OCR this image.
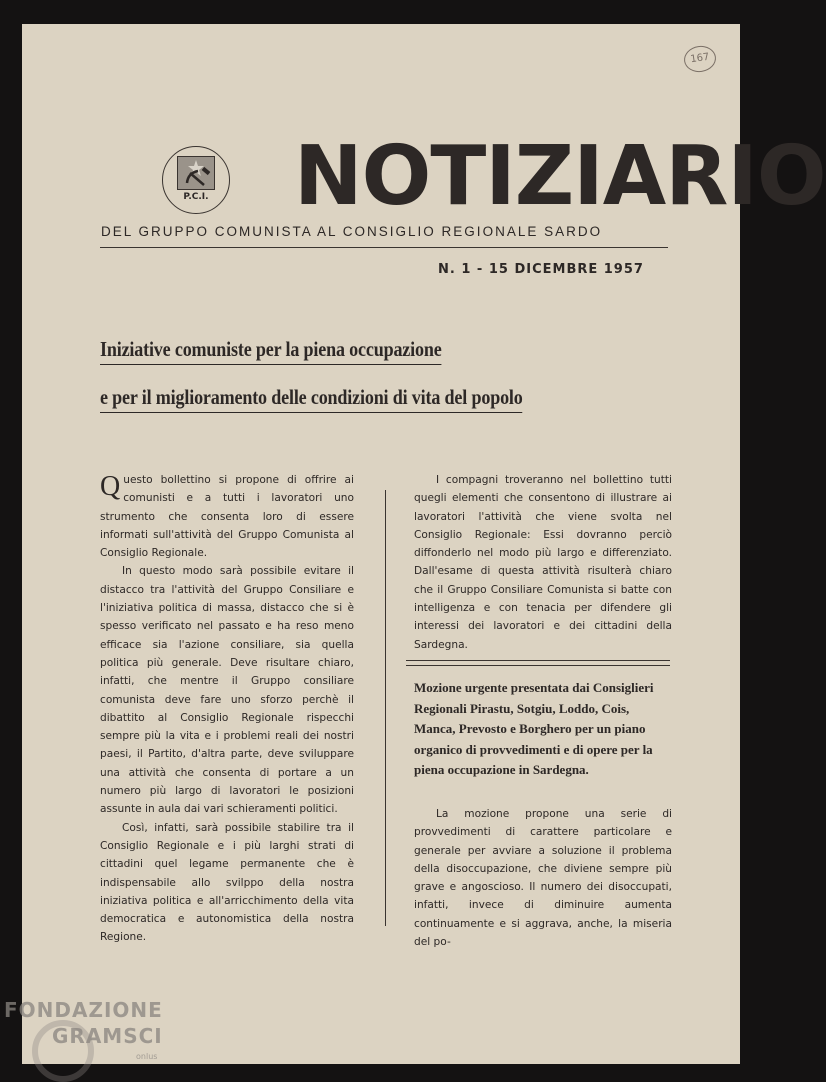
167
P.C.I. NOTIZIARIO
DEL GRUPPO COMUNISTA AL CONSIGLIO REGIONALE SARDO
N. 1 - 15 DICEMBRE 1957
Iniziative comuniste per la piena occupazione
e per il miglioramento delle condizioni di vita del popolo

Questo bollettino si propone di offrire ai comunisti e a tutti i lavoratori uno strumento che consenta loro di essere informati sull'attività del Gruppo Comunista al Consiglio Regionale.

In questo modo sarà possibile evitare il distacco tra l'attività del Gruppo Consiliare e l'iniziativa politica di massa, distacco che si è spesso verificato nel passato e ha reso meno efficace sia l'azione consiliare, sia quella politica più generale. Deve risultare chiaro, infatti, che mentre il Gruppo consiliare comunista deve fare uno sforzo perchè il dibattito al Consiglio Regionale rispecchi sempre più la vita e i problemi reali dei nostri paesi, il Partito, d'altra parte, deve sviluppare una attività che consenta di portare a un numero più largo di lavoratori le posizioni assunte in aula dai vari schieramenti politici.

Così, infatti, sarà possibile stabilire tra il Consiglio Regionale e i più larghi strati di cittadini quel legame permanente che è indispensabile allo svilppo della nostra iniziativa politica e all'arricchimento della vita democratica e autonomistica della nostra Regione.

I compagni troveranno nel bollettino tutti quegli elementi che consentono di illustrare ai lavoratori l'attività che viene svolta nel Consiglio Regionale: Essi dovranno perciò diffonderlo nel modo più largo e differenziato. Dall'esame di questa attività risulterà chiaro che il Gruppo Consiliare Comunista si batte con intelligenza e con tenacia per difendere gli interessi dei lavoratori e dei cittadini della Sardegna.

Mozione urgente presentata dai Consiglieri Regionali Pirastu, Sotgiu, Loddo, Cois, Manca, Prevosto e Borghero per un piano organico di provvedimenti e di opere per la piena occupazione in Sardegna.

La mozione propone una serie di provvedimenti di carattere particolare e generale per avviare a soluzione il problema della disoccupazione, che diviene sempre più grave e angoscioso. Il numero dei disoccupati, infatti, invece di diminuire aumenta continuamente e si aggrava, anche, la miseria del po-

FONDAZIONE
GRAMSCI
onlus
